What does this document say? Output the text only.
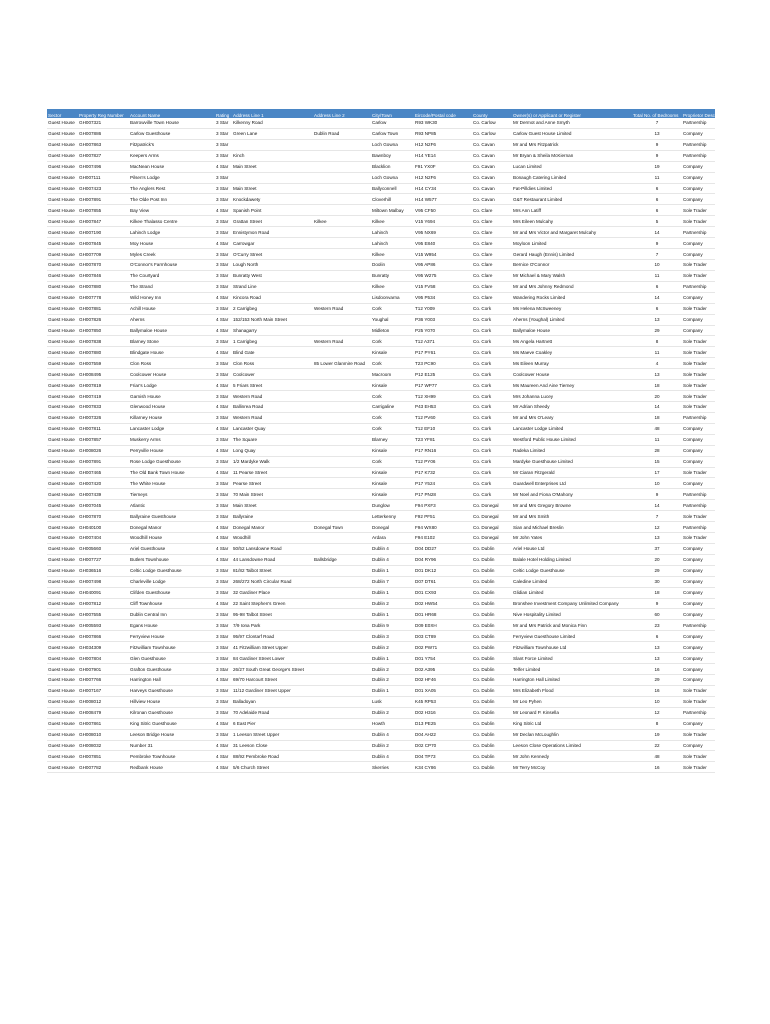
Sector	Property Reg Number	Account Name	Rating	Address Line 1	Address Line 2	City/Town	Eircode/Postal code	County	Owner(s) or Applicant or Register	Total No. of Bedrooms	Proprietor Description
Guest House	GH007321	Barrowville Town House	3 Star	Kilkenny Road		Carlow	R93 WK30	Co. Carlow	Mr Dermot and Anne Smyth	7	Partnership
Guest House	GH007886	Carlow Guesthouse	3 Star	Green Lane	Dublin Road	Carlow Town	R93 NP85	Co. Carlow	Carlow Guest House Limited	13	Company
Guest House	GH007863	Fitzpatrick's	3 Star			Loch Gowna	H12 N2F6	Co. Cavan	Mr and Mrs Fitzpatrick	9	Partnership
Guest House	GH007827	Keepers Arms	3 Star	Kinch		Bawnboy	H14 YE14	Co. Cavan	Mr Bryan & Sheila McKiernan	9	Partnership
Guest House	GH007496	MacNean House	4 Star	Main Street		Blacklion	F91 YX0F	Co. Cavan	Lucan Limited	19	Company
Guest House	GH007111	Pilsen's Lodge	3 Star			Loch Gowna	H12 N2F6	Co. Cavan	Bonaugh Catering Limited	11	Company
Guest House	GH007423	The Anglers Rest	3 Star	Main Street		Ballyconnell	H14 CY34	Co. Cavan	Fat-Pilldies Limited	6	Company
Guest House	GH007891	The Olde Post Inn	3 Star	Knockdawety		Cloverhill	H14 W577	Co. Cavan	G&T Restaurant Limited	6	Company
Guest House	GH007855	Bay View	4 Star	Spanish Point		Miltown Malbay	V95 CF50	Co. Clare	Mrs Ann Latiff	6	Sole Trader
Guest House	GH007847	Kilkee Thalasso Centre	3 Star	Grattan Street	Kilkee	Kilkee	V15 Y694	Co. Clare	Mrs Eileen Mulcahy	5	Sole Trader
Guest House	GH007190	Lahinch Lodge	3 Star	Ennistymon Road		Lahinch	V95 NX69	Co. Clare	Mr and Mrs Victor and Margaret Mulcahy	14	Partnership
Guest House	GH007845	Moy House	4 Star	Carrowgar		Lahinch	V95 E840	Co. Clare	Moyloon Limited	9	Company
Guest House	GH007709	Myles Creek	3 Star	O'Curry Street		Kilkee	V15 W954	Co. Clare	Gerard Haugh (Ennis) Limited	7	Company
Guest House	GH007870	O'Connor's Farmhouse	3 Star	Lough North		Doolin	V95 AP86	Co. Clare	Bernice O'Connor	10	Sole Trader
Guest House	GH007846	The Courtyard	3 Star	Bunratty West		Bunratty	V95 W275	Co. Clare	Mr Michael & Mary Walsh	11	Sole Trader
Guest House	GH007880	The Strand	3 Star	Strand Line		Kilkee	V15 FV58	Co. Clare	Mr and Mrs Johnny Redmond	6	Partnership
Guest House	GH007778	Wild Honey Inn	4 Star	Kincora Road		Lisdoonvarna	V95 P534	Co. Clare	Wandering Rocks Limited	14	Company
Guest House	GH007881	Achill House	3 Star	2 Carrigbeg	Western Road	Cork	T12 Y009	Co. Cork	Ms Helena McSweeney	6	Sole Trader
Guest House	GH007826	Aherns	4 Star	152/153 North Main Street		Youghal	P36 Y003	Co. Cork	Aherns (Youghal) Limited	13	Company
Guest House	GH007850	Ballymaloe House	4 Star	Shanagarry		Midleton	P25 Y070	Co. Cork	Ballymaloe House	29	Company
Guest House	GH007838	Blarney Stone	3 Star	1 Carrigbeg	Western Road	Cork	T12 A371	Co. Cork	Ms Angela Hartnett	8	Sole Trader
Guest House	GH007880	Blindgate House	4 Star	Blind Gate		Kinsale	P17 PY61	Co. Cork	Ms Maeve Coakley	11	Sole Trader
Guest House	GH007559	Clon Ross	3 Star	Clon Ross	85 Lower Glanmire Road	Cork	T23 PC90	Co. Cork	Ms Eileen Murray	4	Sole Trader
Guest House	GH008495	Coolcower House	3 Star	Coolcower		Macroom	P12 E125	Co. Cork	Coolcower House	13	Sole Trader
Guest House	GH007819	Friar's Lodge	4 Star	5 Friars Street		Kinsale	P17 WP77	Co. Cork	Ms Maureen And Aine Tierney	18	Sole Trader
Guest House	GH007419	Garnish House	3 Star	Western Road		Cork	T12 XH99	Co. Cork	Mrs Johanna Lucey	20	Sole Trader
Guest House	GH007833	Glenwood House	4 Star	Ballinrea Road		Carrigaline	P43 EH53	Co. Cork	Mr Adrian Sheedy	14	Sole Trader
Guest House	GH007326	Killarney House	3 Star	Western Road		Cork	T12 PV60	Co. Cork	Mr and Mrs O'Leary	18	Partnership
Guest House	GH007811	Lancaster Lodge	4 Star	Lancaster Quay		Cork	T12 EF10	Co. Cork	Lancaster Lodge Limited	48	Company
Guest House	GH007857	Muskerry Arms	3 Star	The Square		Blarney	T23 YF81	Co. Cork	Westford Public House Limited	11	Company
Guest House	GH008026	Perryville House	4 Star	Long Quay		Kinsale	P17 RN16	Co. Cork	Radeka Limited	28	Company
Guest House	GH007891	Rose Lodge Guesthouse	3 Star	1/2 Mardyke Walk		Cork	T12 PY06	Co. Cork	Mardyke Guesthouse Limited	15	Company
Guest House	GH007465	The Old Bank Town House	4 Star	11 Pearse Street		Kinsale	P17 K732	Co. Cork	Mr Ciaran Fitzgerald	17	Sole Trader
Guest House	GH007420	The White House	3 Star	Pearse Street		Kinsale	P17 Y524	Co. Cork	Guardwell Enterprises Ltd	10	Company
Guest House	GH007439	Tierneys	3 Star	70 Main Street		Kinsale	P17 PN28	Co. Cork	Mr Noel and Fiona O'Mahony	9	Partnership
Guest House	GH007045	Atlantic	3 Star	Main Street		Dunglow	F94 PXF3	Co. Donegal	Mr and Mrs Gregory Browne	14	Partnership
Guest House	GH007870	Ballyraine Guesthouse	3 Star	Ballyraine		Letterkenny	F92 PF51	Co. Donegal	Mr and Mrs Smith	7	Sole Trader
Guest House	GH040100	Donegal Manor	4 Star	Donegal Manor	Donegal Town	Donegal	F94 WX80	Co. Donegal	Sian and Michael Breslin	12	Partnership
Guest House	GH007404	Woodhill House	4 Star	Woodhill		Ardara	F94 E102	Co. Donegal	Mr John Yates	13	Sole Trader
Guest House	GH005660	Ariel Guesthouse	4 Star	50/52 Lansdowne Road		Dublin 4	D04 DD27	Co. Dublin	Ariel House Ltd	37	Company
Guest House	GH007727	Butlers Townhouse	4 Star	44 Lansdowne Road	Ballsbridge	Dublin 4	D04 RY96	Co. Dublin	Balale Hotel Holding Limited	20	Company
Guest House	GH036516	Celtic Lodge Guesthouse	3 Star	81/82 Talbot Street		Dublin 1	D01 DK12	Co. Dublin	Celtic Lodge Guesthouse	29	Company
Guest House	GH007498	Charleville Lodge	3 Star	268/272 North Circular Road		Dublin 7	D07 DT61	Co. Dublin	Caledine Limited	30	Company
Guest House	GH040091	Clifden Guesthouse	3 Star	32 Gardiner Place		Dublin 1	D01 CX93	Co. Dublin	Glidian Limited	18	Company
Guest House	GH007812	Cliff Townhouse	4 Star	22 Saint Stephen's Green		Dublin 2	D02 HW54	Co. Dublin	Bronshee Investment Company Unlimited Company	9	Company
Guest House	GH007555	Dublin Central Inn	3 Star	95-98 Talbot Street		Dublin 1	D01 HR68	Co. Dublin	Nive Hospitality Limited	60	Company
Guest House	GH005593	Egans House	3 Star	7/9 Iona Park		Dublin 9	D09 E0XH	Co. Dublin	Mr and Mrs Patrick and Monica Finn	23	Partnership
Guest House	GH007866	Ferryview House	3 Star	95/97 Clontarf Road		Dublin 3	D03 CT89	Co. Dublin	Ferryview Guesthouse Limited	6	Company
Guest House	GH034309	Fitzwilliam Townhouse	3 Star	41 Fitzwilliam Street Upper		Dublin 2	D02 PW71	Co. Dublin	Fitzwilliam Townhouse Ltd	13	Company
Guest House	GH007804	Glen Guesthouse	3 Star	84 Gardiner Street Lower		Dublin 1	D01 Y754	Co. Dublin	Slant Force Limited	13	Company
Guest House	GH007901	Grafton Guesthouse	3 Star	26/27 South Great George's Street		Dublin 2	D02 A395	Co. Dublin	Telfer Limited	16	Company
Guest House	GH007766	Harrington Hall	4 Star	69/70 Harcourt Street		Dublin 2	D02 HF46	Co. Dublin	Harrington Hall Limited	29	Company
Guest House	GH007167	Harveys Guesthouse	3 Star	11/12 Gardiner Street Upper		Dublin 1	D01 XA05	Co. Dublin	Mrs Elizabeth Flood	16	Sole Trader
Guest House	GH008012	Hillview House	3 Star	Balladoyan		Lusk	K45 RP53	Co. Dublin	Mr Leo Pyhen	10	Sole Trader
Guest House	GH008479	Kilronan Guesthouse	3 Star	70 Adelaide Road		Dublin 2	D02 H316	Co. Dublin	Mr Leonard P. Kinsella	12	Partnership
Guest House	GH007861	King Sitric Guesthouse	4 Star	6 East Pier		Howth	D13 PE25	Co. Dublin	King Sitric Ltd	8	Company
Guest House	GH008010	Leeson Bridge House	3 Star	1 Leeson Street Upper		Dublin 4	D04 AH22	Co. Dublin	Mr Declan McLoughlin	19	Sole Trader
Guest House	GH008032	Number 31	4 Star	31 Leeson Close		Dublin 2	D02 CP70	Co. Dublin	Leeson Close Operations Limited	22	Company
Guest House	GH007851	Pembroke Townhouse	4 Star	88/92 Pembroke Road		Dublin 4	D04 TP73	Co. Dublin	Mr John Kennedy	48	Sole Trader
Guest House	GH007782	Redbank House	4 Star	5/6 Church Street		Skerries	K34 CY86	Co. Dublin	Mr Terry McCoy	16	Sole Trader
